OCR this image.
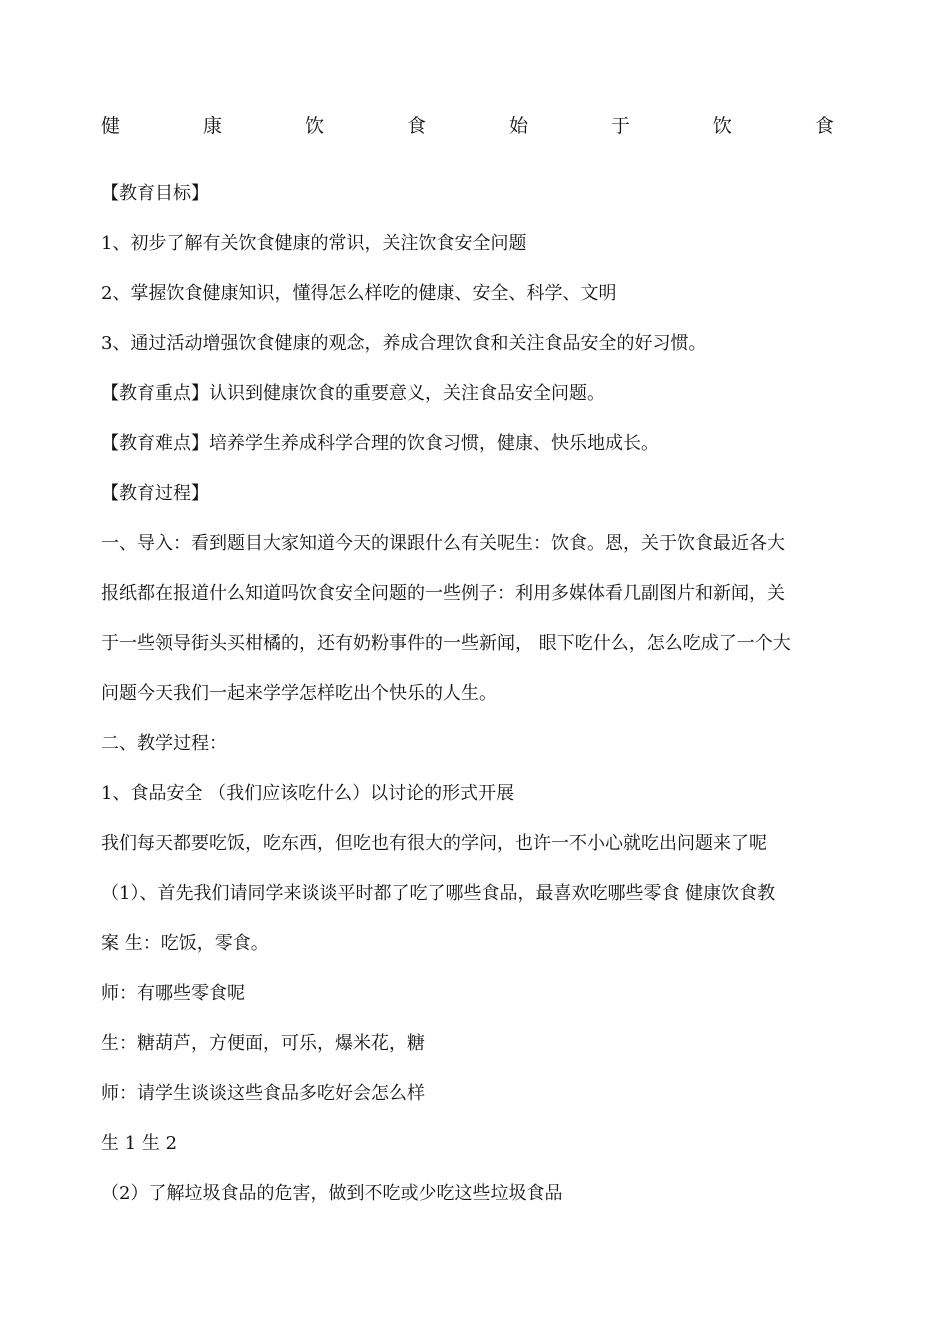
健	康	饮	食	始	于	饮	食
【教育目标】
1、初步了解有关饮食健康的常识，关注饮食安全问题
2、掌握饮食健康知识，懂得怎么样吃的健康、安全、科学、文明
3、通过活动增强饮食健康的观念，养成合理饮食和关注食品安全的好习惯。
【教育重点】认识到健康饮食的重要意义，关注食品安全问题。
【教育难点】培养学生养成科学合理的饮食习惯，健康、快乐地成长。
【教育过程】
一、导入：看到题目大家知道今天的课跟什么有关呢生：饮食。恩，关于饮食最近各大
报纸都在报道什么知道吗饮食安全问题的一些例子：利用多媒体看几副图片和新闻，关
于一些领导街头买柑橘的，还有奶粉事件的一些新闻， 眼下吃什么，怎么吃成了一个大
问题今天我们一起来学学怎样吃出个快乐的人生。
二、教学过程：
1、食品安全 （我们应该吃什么）以讨论的形式开展
我们每天都要吃饭，吃东西，但吃也有很大的学问，也许一不小心就吃出问题来了呢
（1）、首先我们请同学来谈谈平时都了吃了哪些食品，最喜欢吃哪些零食 健康饮食教
案 生：吃饭，零食。
师：有哪些零食呢
生：糖葫芦，方便面，可乐，爆米花，糖
师：请学生谈谈这些食品多吃好会怎么样
生 1 生 2
（2）了解垃圾食品的危害，做到不吃或少吃这些垃圾食品
